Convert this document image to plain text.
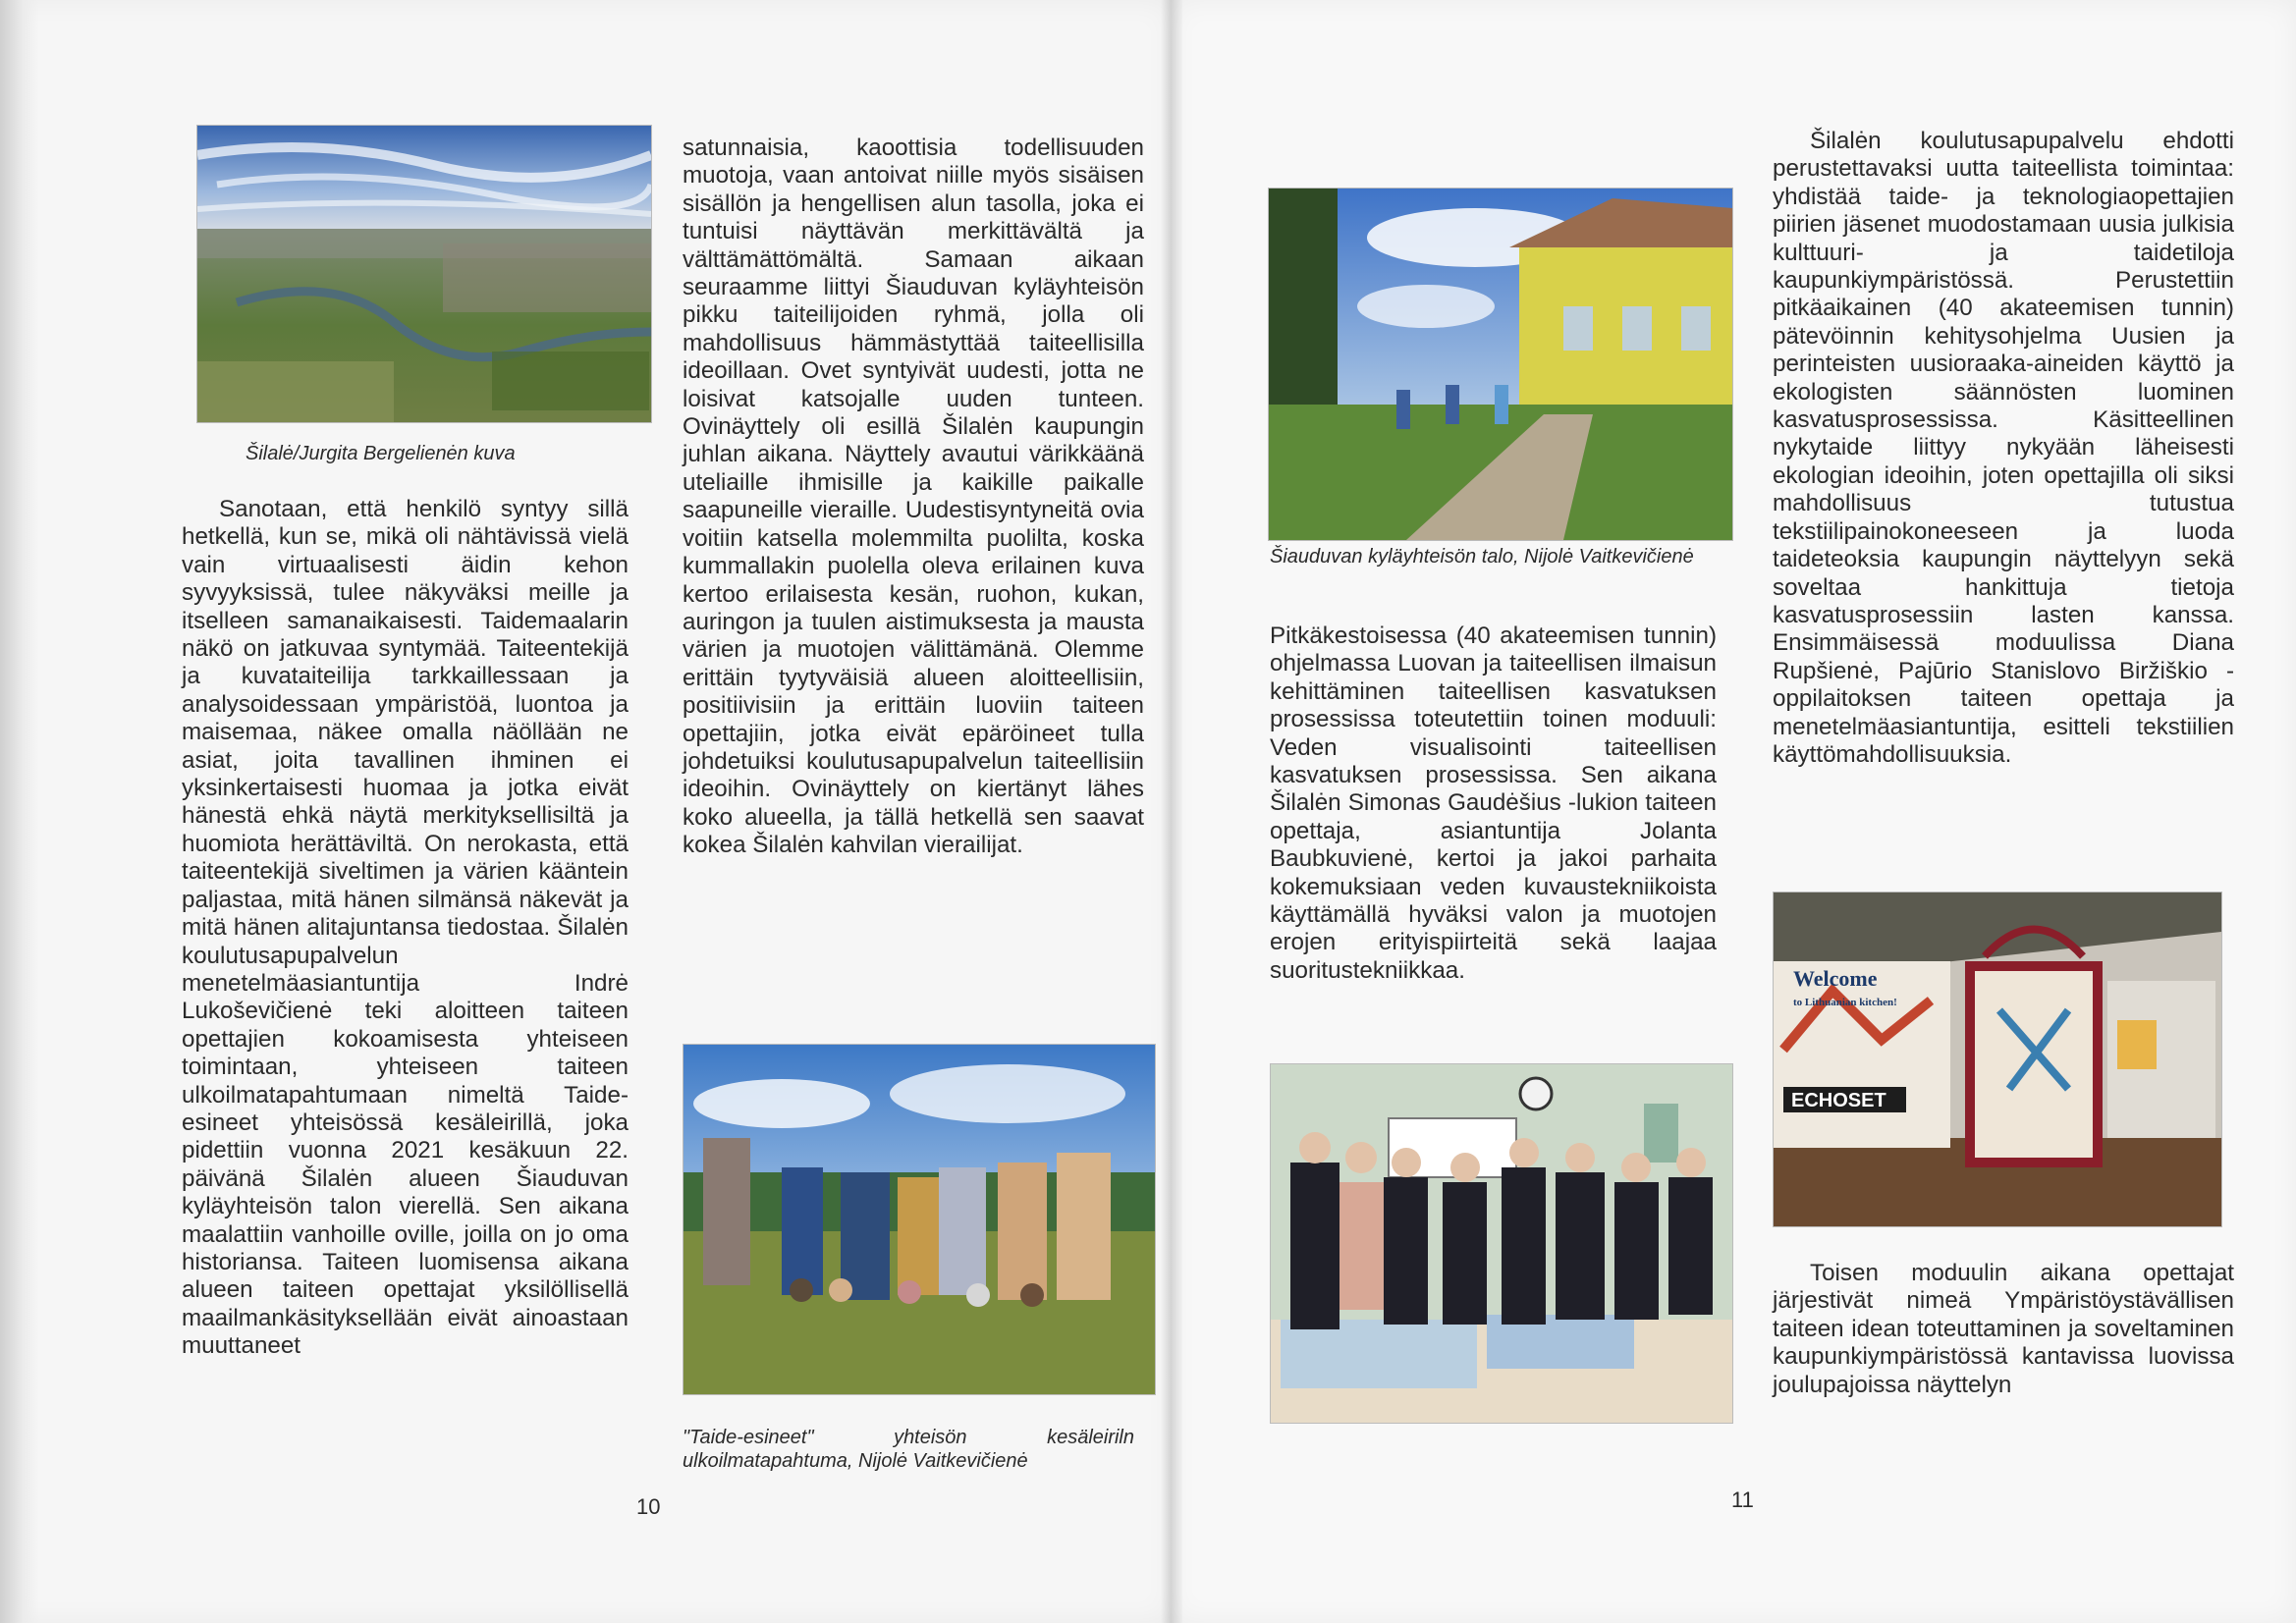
Šilalė/Jurgita Bergelienėn kuva

Sanotaan, että henkilö syntyy sillä hetkellä, kun se, mikä oli nähtävissä vielä vain virtuaalisesti äidin kehon syvyyksissä, tulee näkyväksi meille ja itselleen samanaikaisesti. Taidemaalarin näkö on jatkuvaa syntymää. Taiteentekijä ja kuvataiteilija tarkkaillessaan ja analysoidessaan ympäristöä, luontoa ja maisemaa, näkee omalla näöllään ne asiat, joita tavallinen ihminen ei yksinkertaisesti huomaa ja jotka eivät hänestä ehkä näytä merkityksellisiltä ja huomiota herättäviltä. On nerokasta, että taiteentekijä siveltimen ja värien kääntein paljastaa, mitä hänen silmänsä näkevät ja mitä hänen alitajuntansa tiedostaa. Šilalėn koulutusapupalvelun menetelmäasiantuntija Indrė Lukoševičienė teki aloitteen taiteen opettajien kokoamisesta yhteiseen toimintaan, yhteiseen taiteen ulkoilmatapahtumaan nimeltä Taide-esineet yhteisössä kesäleirillä, joka pidettiin vuonna 2021 kesäkuun 22. päivänä Šilalėn alueen Šiauduvan kyläyhteisön talon vierellä. Sen aikana maalattiin vanhoille oville, joilla on jo oma historiansa. Taiteen luomisensa aikana alueen taiteen opettajat yksilöllisellä maailmankäsityksellään eivät ainoastaan muuttaneet

satunnaisia, kaoottisia todellisuuden muotoja, vaan antoivat niille myös sisäisen sisällön ja hengellisen alun tasolla, joka ei tuntuisi näyttävän merkittävältä ja välttämättömältä. Samaan aikaan seuraamme liittyi Šiauduvan kyläyhteisön pikku taiteilijoiden ryhmä, jolla oli mahdollisuus hämmästyttää taiteellisilla ideoillaan. Ovet syntyivät uudesti, jotta ne loisivat katsojalle uuden tunteen. Ovinäyttely oli esillä Šilalėn kaupungin juhlan aikana. Näyttely avautui värikkäänä uteliaille ihmisille ja kaikille paikalle saapuneille vieraille. Uudestisyntyneitä ovia voitiin katsella molemmilta puolilta, koska kummallakin puolella oleva erilainen kuva kertoo erilaisesta kesän, ruohon, kukan, auringon ja tuulen aistimuksesta ja mausta värien ja muotojen välittämänä. Olemme erittäin tyytyväisiä alueen aloitteellisiin, positiivisiin ja erittäin luoviin taiteen opettajiin, jotka eivät epäröineet tulla johdetuiksi koulutusapupalvelun taiteellisiin ideoihin. Ovinäyttely on kiertänyt lähes koko alueella, ja tällä hetkellä sen saavat kokea Šilalėn kahvilan vierailijat.

"Taide-esineet" yhteisön kesäleiriln ulkoilmatapahtuma, Nijolė Vaitkevičienė
10
Šiauduvan kyläyhteisön talo, Nijolė Vaitkevičienė

Pitkäkestoisessa (40 akateemisen tunnin) ohjelmassa Luovan ja taiteellisen ilmaisun kehittäminen taiteellisen kasvatuksen prosessissa toteutettiin toinen moduuli: Veden visualisointi taiteellisen kasvatuksen prosessissa. Sen aikana Šilalėn Simonas Gaudėšius -lukion taiteen opettaja, asiantuntija Jolanta Baubkuvienė, kertoi ja jakoi parhaita kokemuksiaan veden kuvaustekniikoista käyttämällä hyväksi valon ja muotojen erojen erityispiirteitä sekä laajaa suoritustekniikkaa.

Šilalėn koulutusapupalvelu ehdotti perustettavaksi uutta taiteellista toimintaa: yhdistää taide- ja teknologiaopettajien piirien jäsenet muodostamaan uusia julkisia kulttuuri- ja taidetiloja kaupunkiympäristössä. Perustettiin pitkäaikainen (40 akateemisen tunnin) pätevöinnin kehitysohjelma Uusien ja perinteisten uusioraaka-aineiden käyttö ja ekologisten säännösten luominen kasvatusprosessissa. Käsitteellinen nykytaide liittyy nykyään läheisesti ekologian ideoihin, joten opettajilla oli siksi mahdollisuus tutustua tekstiilipainokoneeseen ja luoda taideteoksia kaupungin näyttelyyn sekä soveltaa hankittuja tietoja kasvatusprosessiin lasten kanssa. Ensimmäisessä moduulissa Diana Rupšienė, Pajūrio Stanislovo Biržiškio -oppilaitoksen taiteen opettaja ja menetelmäasiantuntija, esitteli tekstiilien käyttömahdollisuuksia.

Welcome
to Lithuanian kitchen!
ECHOSET

Toisen moduulin aikana opettajat järjestivät nimeä Ympäristöystävällisen taiteen idean toteuttaminen ja soveltaminen kaupunkiympäristössä kantavissa luovissa joulupajoissa näyttelyn

11
